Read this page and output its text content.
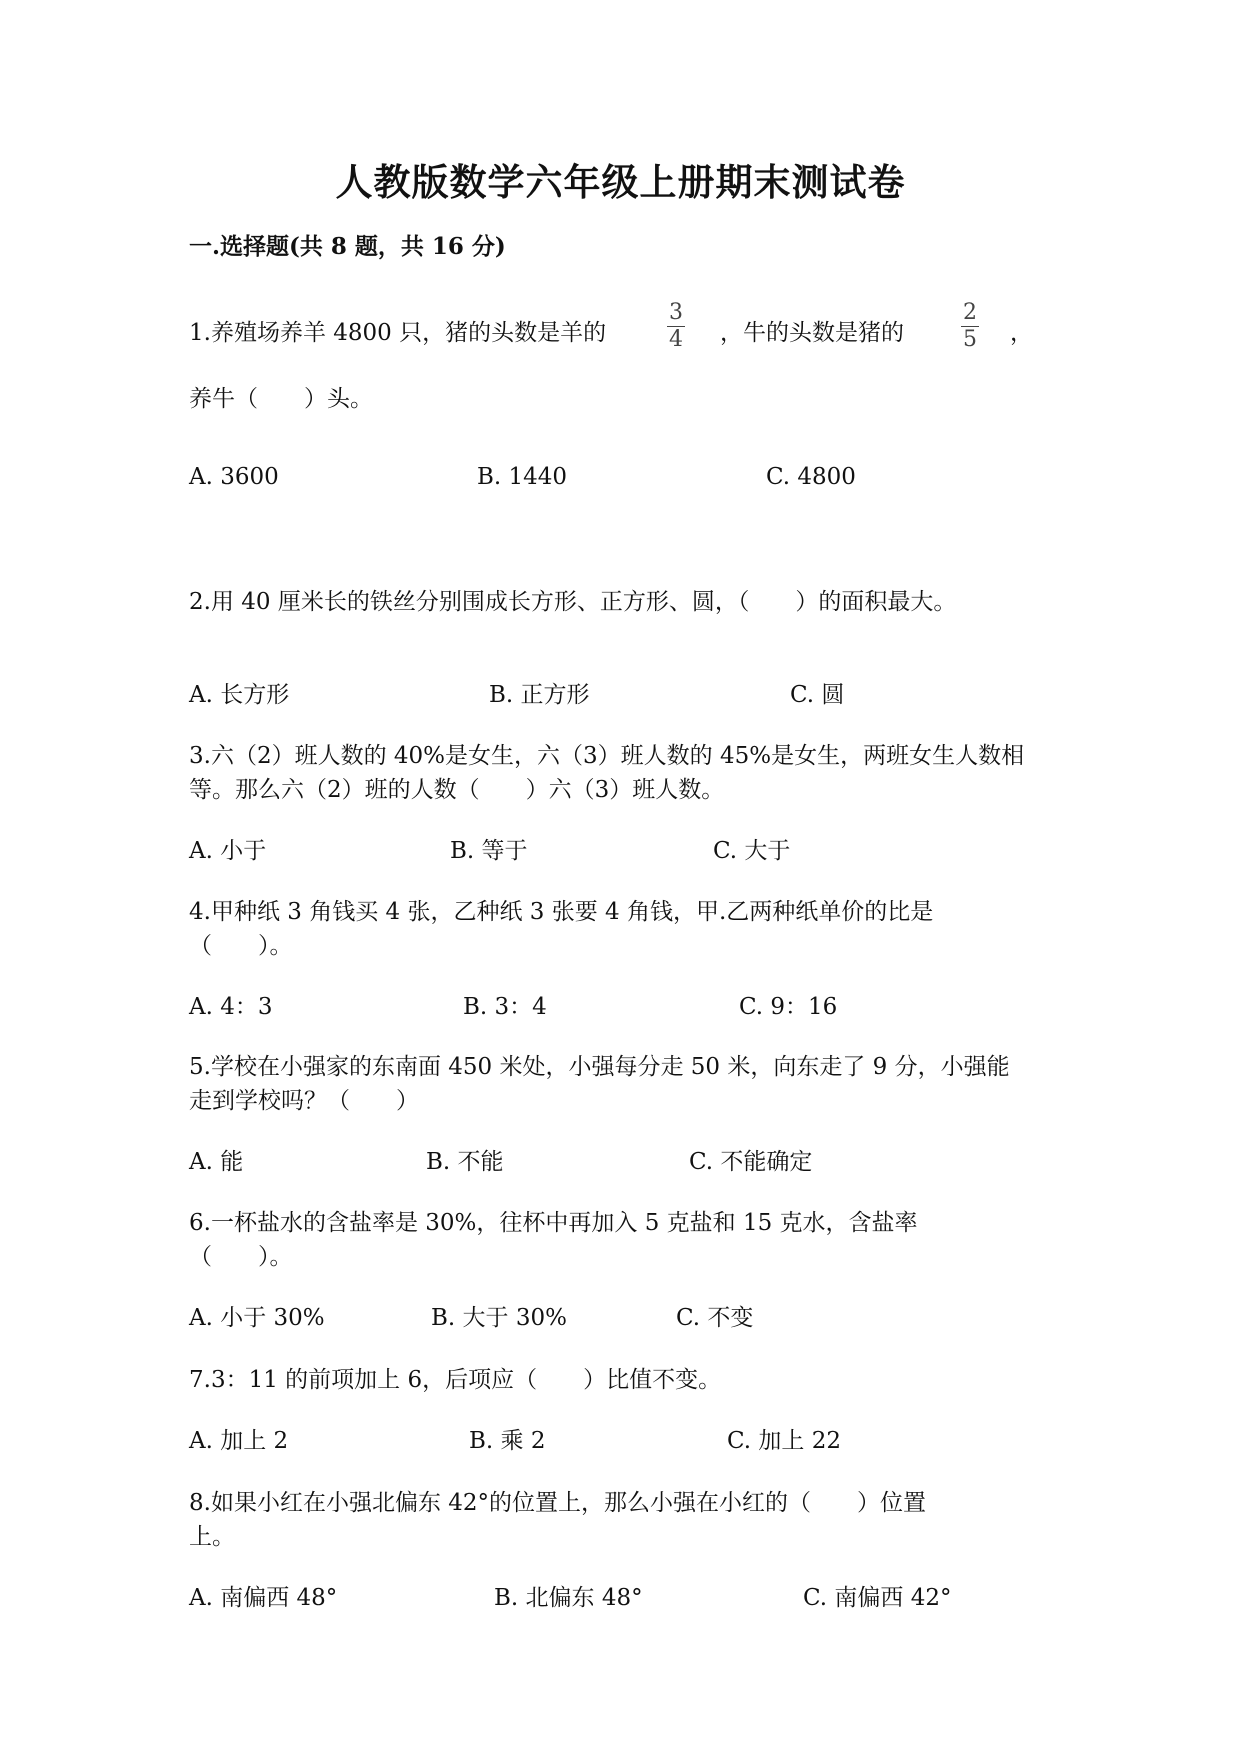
人教版数学六年级上册期末测试卷
一.选择题(共 8 题，共 16 分)
1.养殖场养羊 4800 只，猪的头数是羊的
3
4	，牛的头数是猪的
2
5	，
养牛（　　）头。
A. 3600	B. 1440	C. 4800
2.用 40 厘米长的铁丝分别围成长方形、正方形、圆，（　　）的面积最大。
A. 长方形	B. 正方形	C. 圆
3.六（2）班人数的 40%是女生，六（3）班人数的 45%是女生，两班女生人数相
等。那么六（2）班的人数（　　）六（3）班人数。
A. 小于	B. 等于	C. 大于
4.甲种纸 3 角钱买 4 张，乙种纸 3 张要 4 角钱，甲.乙两种纸单价的比是
（　　）。
A. 4：3	B. 3：4	C. 9：16
5.学校在小强家的东南面 450 米处，小强每分走 50 米，向东走了 9 分，小强能
走到学校吗？（　　）
A. 能	B. 不能	C. 不能确定
6.一杯盐水的含盐率是 30%，往杯中再加入 5 克盐和 15 克水，含盐率
（　　）。
A. 小于 30%	B. 大于 30%	C. 不变
7.3：11 的前项加上 6，后项应（　　）比值不变。
A. 加上 2	B. 乘 2	C. 加上 22
8.如果小红在小强北偏东 42°的位置上，那么小强在小红的（　　）位置
上。
A. 南偏西 48°	B. 北偏东 48°	C. 南偏西 42°
